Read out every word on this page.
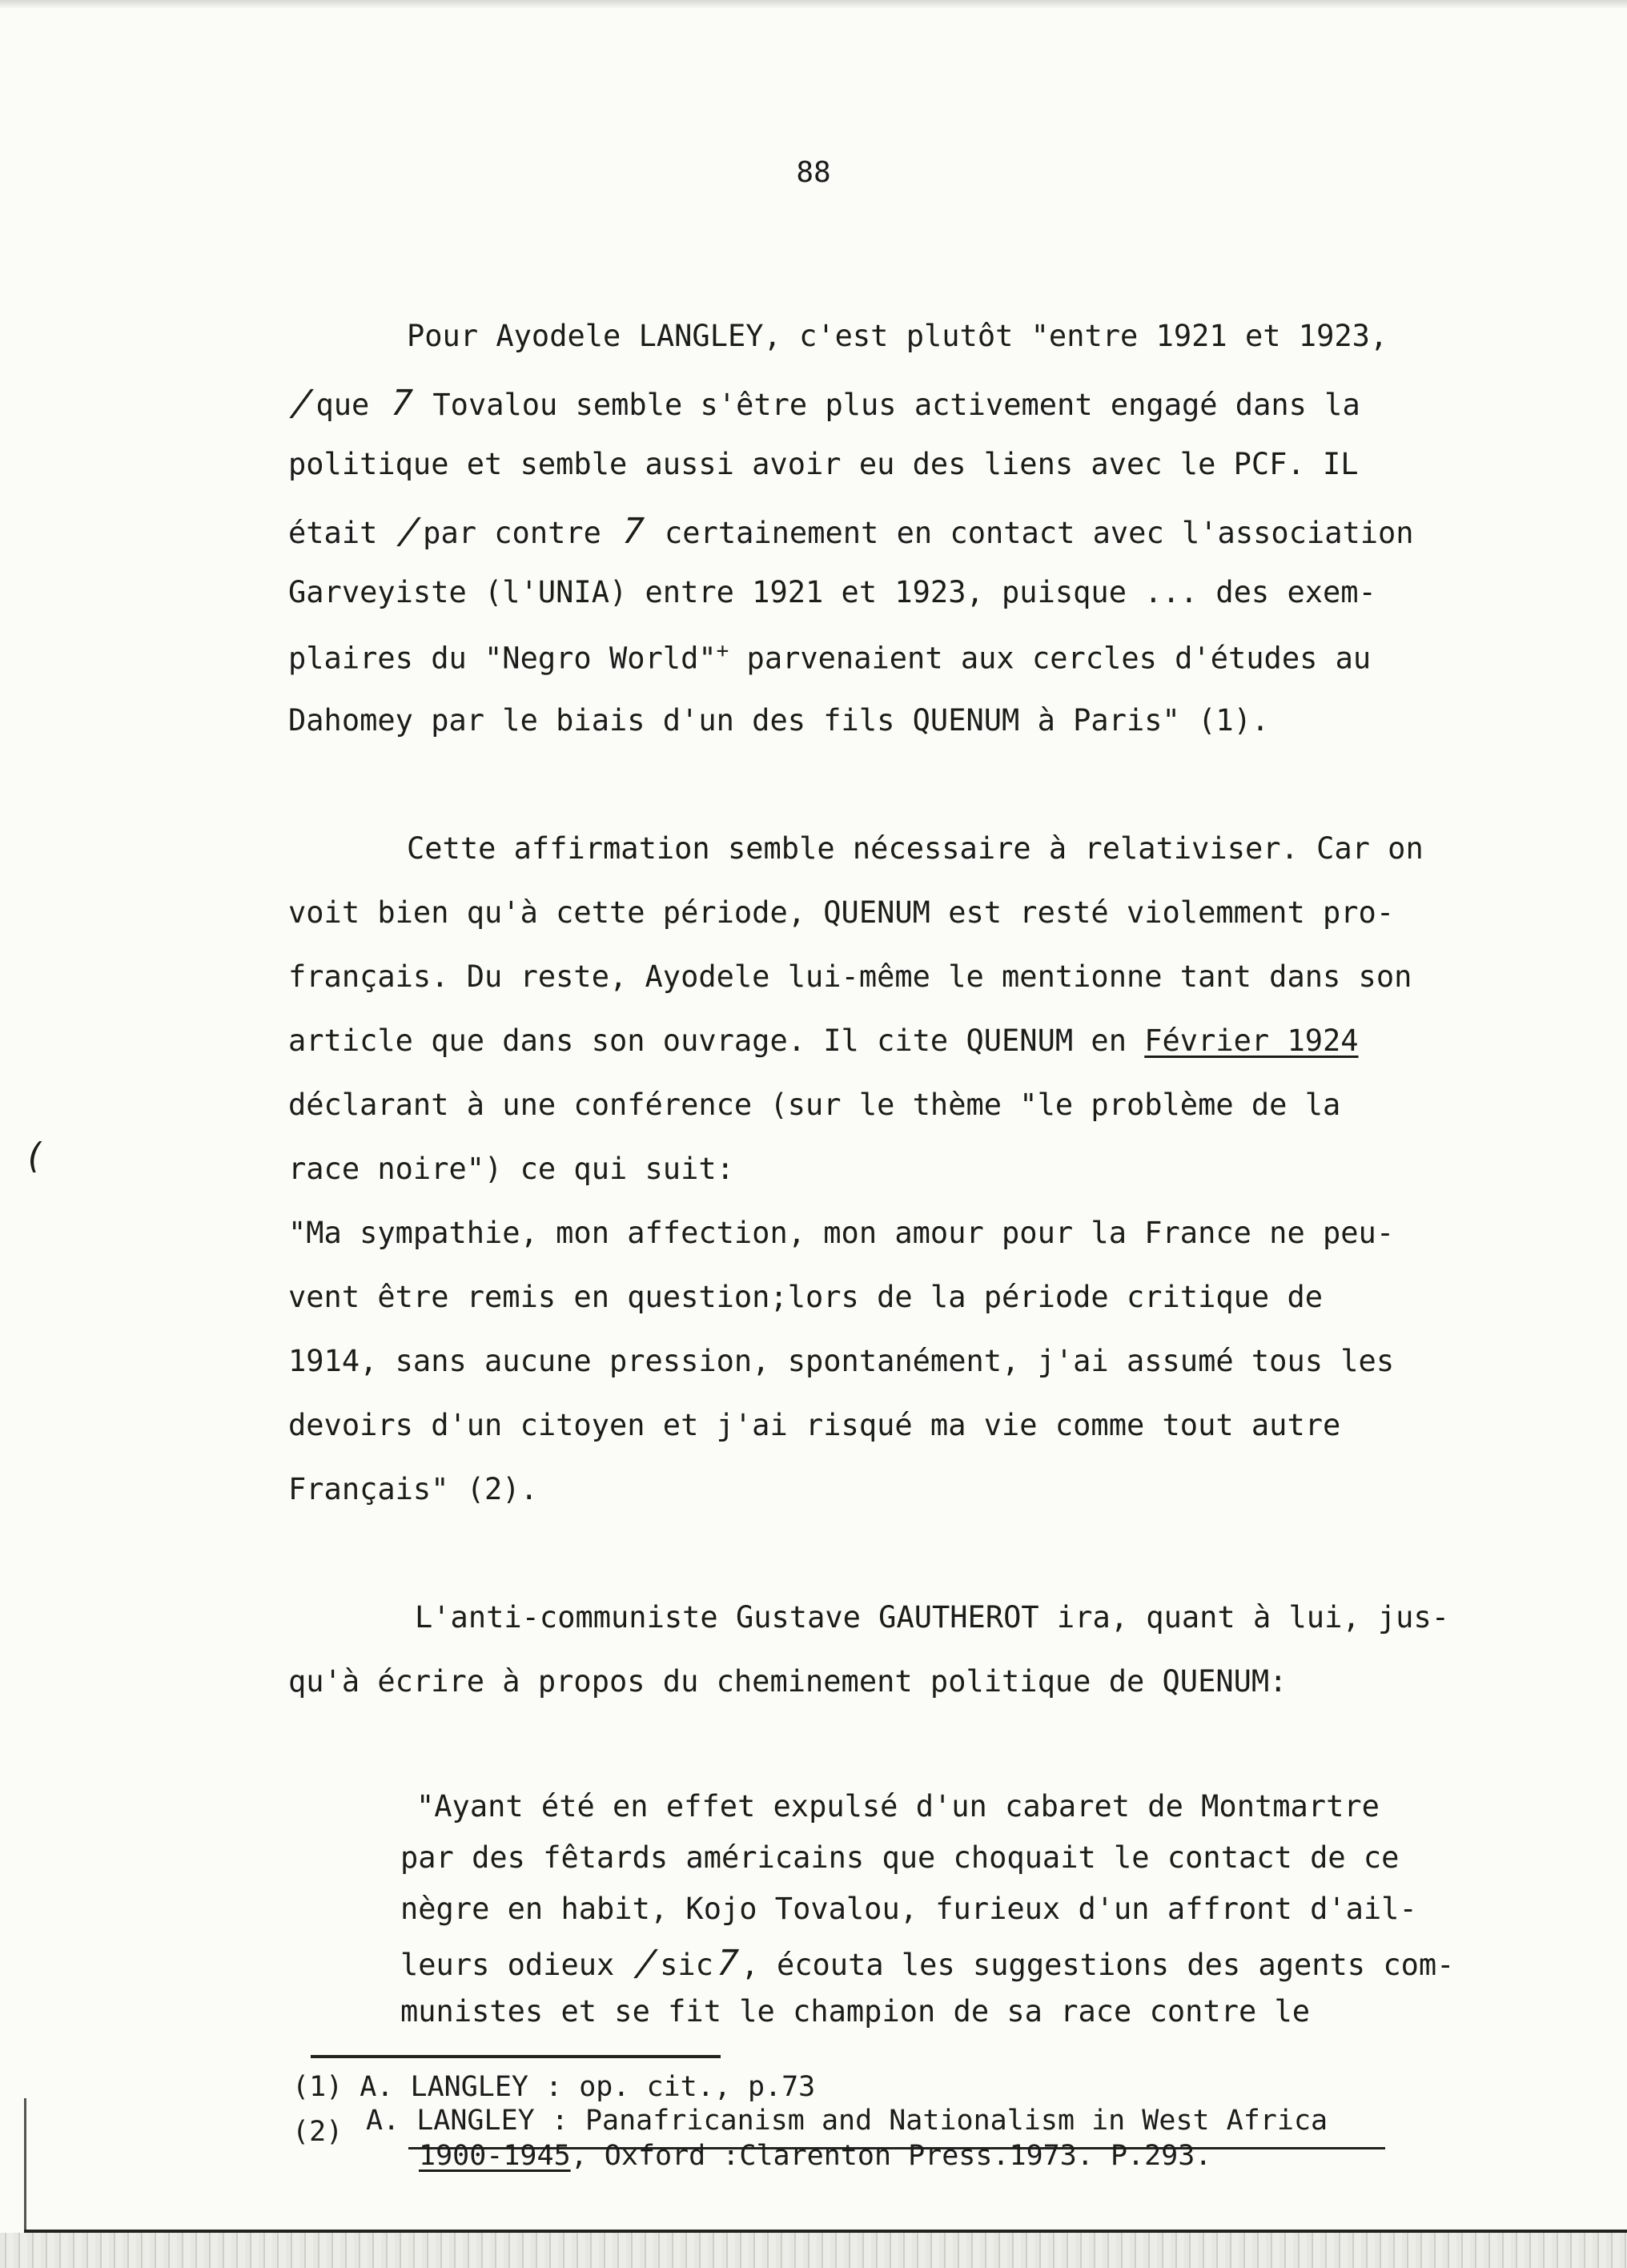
(
88
Pour Ayodele LANGLEY, c'est plutôt "entre 1921 et 1923,
/que 7 Tovalou semble s'être plus activement engagé dans la
politique et semble aussi avoir eu des liens avec le PCF. IL
était /par contre 7 certainement en contact avec l'association
Garveyiste (l'UNIA) entre 1921 et 1923, puisque ... des exem-
plaires du "Negro World"+ parvenaient aux cercles d'études au
Dahomey par le biais d'un des fils QUENUM à Paris" (1).
Cette affirmation semble nécessaire à relativiser. Car on
voit bien qu'à cette période, QUENUM est resté violemment pro-
français. Du reste, Ayodele lui-même le mentionne tant dans son
article que dans son ouvrage. Il cite QUENUM en Février 1924
déclarant à une conférence (sur le thème "le problème de la
race noire") ce qui suit:
"Ma sympathie, mon affection, mon amour pour la France ne peu-
vent être remis en question;lors de la période critique de
1914, sans aucune pression, spontanément, j'ai assumé tous les
devoirs d'un citoyen et j'ai risqué ma vie comme tout autre
Français" (2).
L'anti-communiste Gustave GAUTHEROT ira, quant à lui, jus-
qu'à écrire à propos du cheminement politique de QUENUM:
"Ayant été en effet expulsé d'un cabaret de Montmartre
par des fêtards américains que choquait le contact de ce
nègre en habit, Kojo Tovalou, furieux d'un affront d'ail-
leurs odieux /sic7, écouta les suggestions des agents com-
munistes et se fit le champion de sa race contre le
(1) A. LANGLEY : op. cit., p.73
(2) A. LANGLEY : Panafricanism and Nationalism in West Africa
1900-1945, Oxford :Clarenton Press.1973. P.293.
